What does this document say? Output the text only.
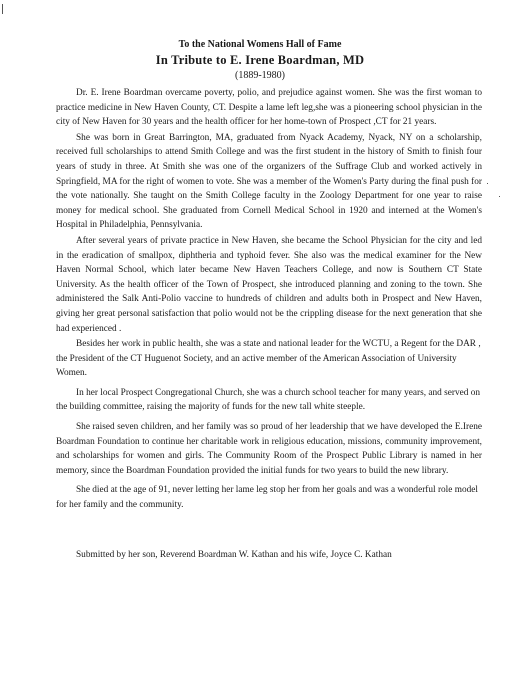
To the National Womens Hall of Fame

In Tribute to E. Irene Boardman, MD

(1889-1980)

Dr. E. Irene Boardman overcame poverty, polio, and prejudice against women. She was the first woman to practice medicine in New Haven County, CT. Despite a lame left leg,she was a pioneering school physician in the city of New Haven for 30 years and the health officer for her home-town of Prospect ,CT for 21 years.

She was born in Great Barrington, MA, graduated from Nyack Academy, Nyack, NY on a scholarship, received full scholarships to attend Smith College and was the first student in the history of Smith to finish four years of study in three. At Smith she was one of the organizers of the Suffrage Club and worked actively in Springfield, MA for the right of women to vote. She was a member of the Women's Party during the final push for the vote nationally. She taught on the Smith College faculty in the Zoology Department for one year to raise money for medical school. She graduated from Cornell Medical School in 1920 and interned at the Women's Hospital in Philadelphia, Pennsylvania.

After several years of private practice in New Haven, she became the School Physician for the city and led in the eradication of smallpox, diphtheria and typhoid fever. She also was the medical examiner for the New Haven Normal School, which later became New Haven Teachers College, and now is Southern CT State University. As the health officer of the Town of Prospect, she introduced planning and zoning to the town. She administered the Salk Anti-Polio vaccine to hundreds of children and adults both in Prospect and New Haven, giving her great personal satisfaction that polio would not be the crippling disease for the next generation that she had experienced .

Besides her work in public health, she was a state and national leader for the WCTU, a Regent for the DAR , the President of the CT Huguenot Society, and an active member of the American Association of University Women.

In her local Prospect Congregational Church, she was a church school teacher for many years, and served on the building committee, raising the majority of funds for the new tall white steeple.

She raised seven children, and her family was so proud of her leadership that we have developed the E.Irene Boardman Foundation to continue her charitable work in religious education, missions, community improvement, and scholarships for women and girls. The Community Room of the Prospect Public Library is named in her memory, since the Boardman Foundation provided the initial funds for two years to build the new library.

She died at the age of 91, never letting her lame leg stop her from her goals and was a wonderful role model for her family and the community.

Submitted by her son, Reverend Boardman W. Kathan and his wife, Joyce C. Kathan
